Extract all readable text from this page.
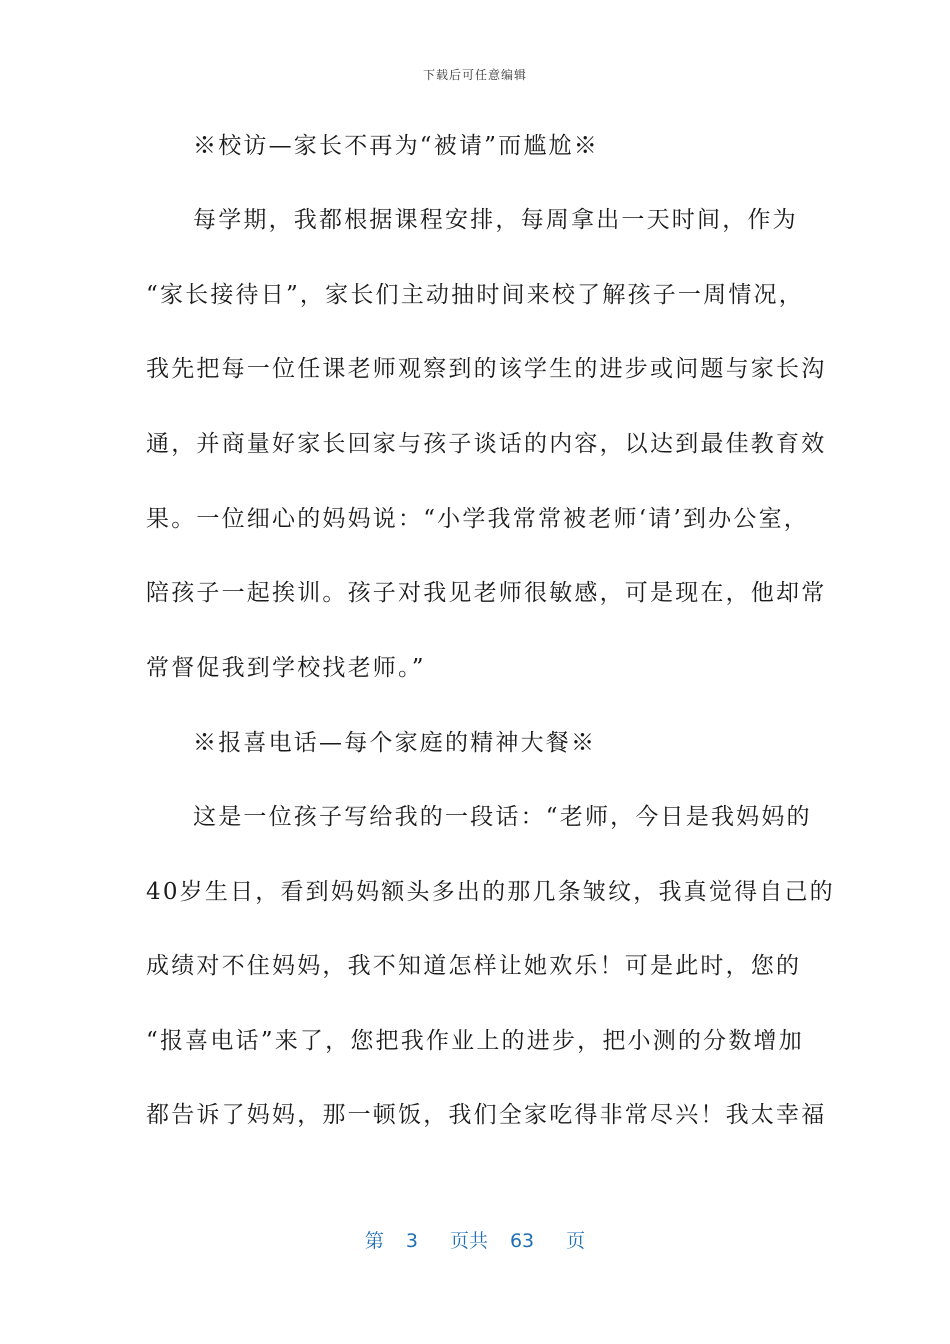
下载后可任意编辑
※校访—家长不再为“被请”而尴尬※
每学期，我都根据课程安排，每周拿出一天时间，作为
“家长接待日”，家长们主动抽时间来校了解孩子一周情况，
我先把每一位任课老师观察到的该学生的进步或问题与家长沟
通，并商量好家长回家与孩子谈话的内容，以达到最佳教育效
果。一位细心的妈妈说：“小学我常常被老师‘请’到办公室，
陪孩子一起挨训。孩子对我见老师很敏感，可是现在，他却常
常督促我到学校找老师。”
※报喜电话—每个家庭的精神大餐※
这是一位孩子写给我的一段话：“老师，今日是我妈妈的
40岁生日，看到妈妈额头多出的那几条皱纹，我真觉得自己的
成绩对不住妈妈，我不知道怎样让她欢乐！可是此时，您的
“报喜电话”来了，您把我作业上的进步，把小测的分数增加
都告诉了妈妈，那一顿饭，我们全家吃得非常尽兴！我太幸福
第 3 页共 63 页
